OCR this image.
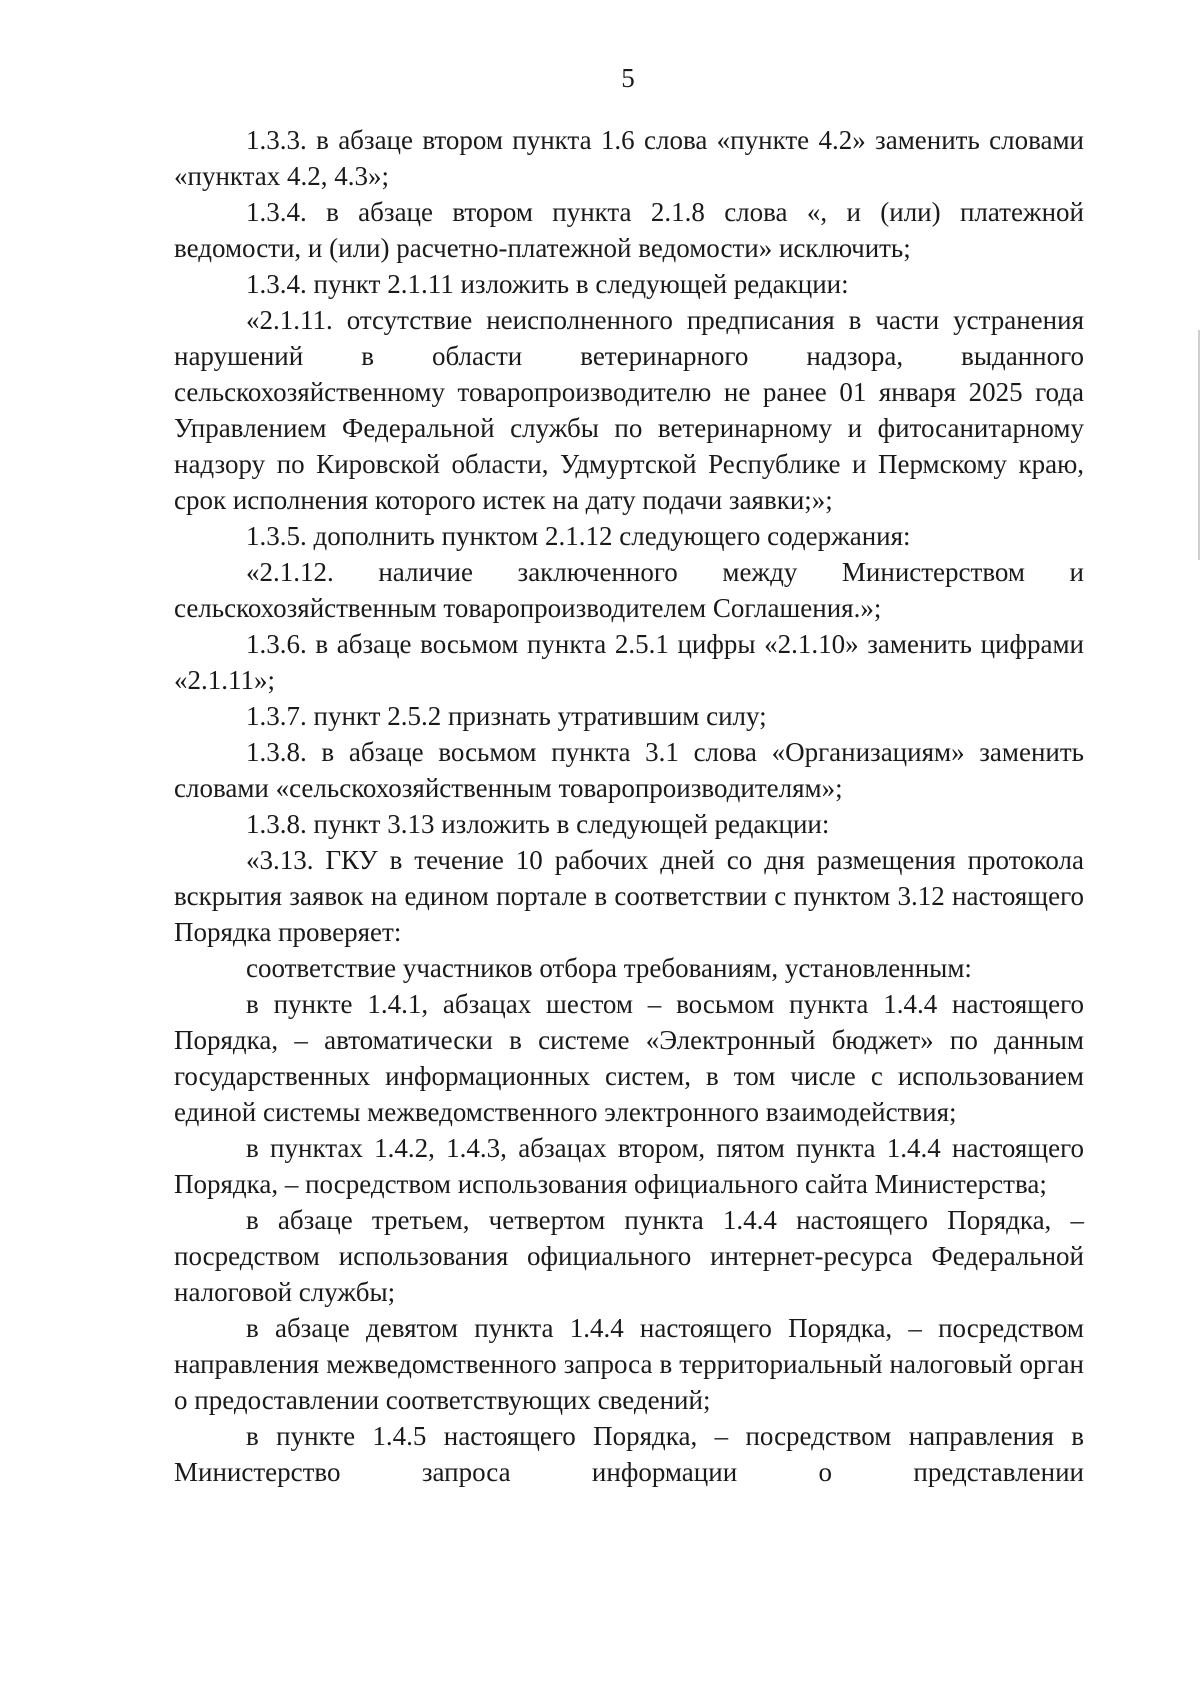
5

1.3.3. в абзаце втором пункта 1.6 слова «пункте 4.2» заменить словами «пунктах 4.2, 4.3»;

1.3.4. в абзаце втором пункта 2.1.8 слова «, и (или) платежной ведомости, и (или) расчетно-платежной ведомости» исключить;

1.3.4. пункт 2.1.11 изложить в следующей редакции:

«2.1.11. отсутствие неисполненного предписания в части устранения нарушений в области ветеринарного надзора, выданного сельскохозяйственному товаропроизводителю не ранее 01 января 2025 года Управлением Федеральной службы по ветеринарному и фитосанитарному надзору по Кировской области, Удмуртской Республике и Пермскому краю, срок исполнения которого истек на дату подачи заявки;»;

1.3.5. дополнить пунктом 2.1.12 следующего содержания:

«2.1.12. наличие заключенного между Министерством и сельскохозяйственным товаропроизводителем Соглашения.»;

1.3.6. в абзаце восьмом пункта 2.5.1 цифры «2.1.10» заменить цифрами «2.1.11»;

1.3.7. пункт 2.5.2 признать утратившим силу;

1.3.8. в абзаце восьмом пункта 3.1 слова «Организациям» заменить словами «сельскохозяйственным товаропроизводителям»;

1.3.8. пункт 3.13 изложить в следующей редакции:

«3.13. ГКУ в течение 10 рабочих дней со дня размещения протокола вскрытия заявок на едином портале в соответствии с пунктом 3.12 настоящего Порядка проверяет:

соответствие участников отбора требованиям, установленным:

в пункте 1.4.1, абзацах шестом – восьмом пункта 1.4.4 настоящего Порядка, – автоматически в системе «Электронный бюджет» по данным государственных информационных систем, в том числе с использованием единой системы межведомственного электронного взаимодействия;

в пунктах 1.4.2, 1.4.3, абзацах втором, пятом пункта 1.4.4 настоящего Порядка, – посредством использования официального сайта Министерства;

в абзаце третьем, четвертом пункта 1.4.4 настоящего Порядка, – посредством использования официального интернет-ресурса Федеральной налоговой службы;

в абзаце девятом пункта 1.4.4 настоящего Порядка, – посредством направления межведомственного запроса в территориальный налоговый орган о предоставлении соответствующих сведений;

в пункте 1.4.5 настоящего Порядка, – посредством направления в Министерство запроса информации о представлении
